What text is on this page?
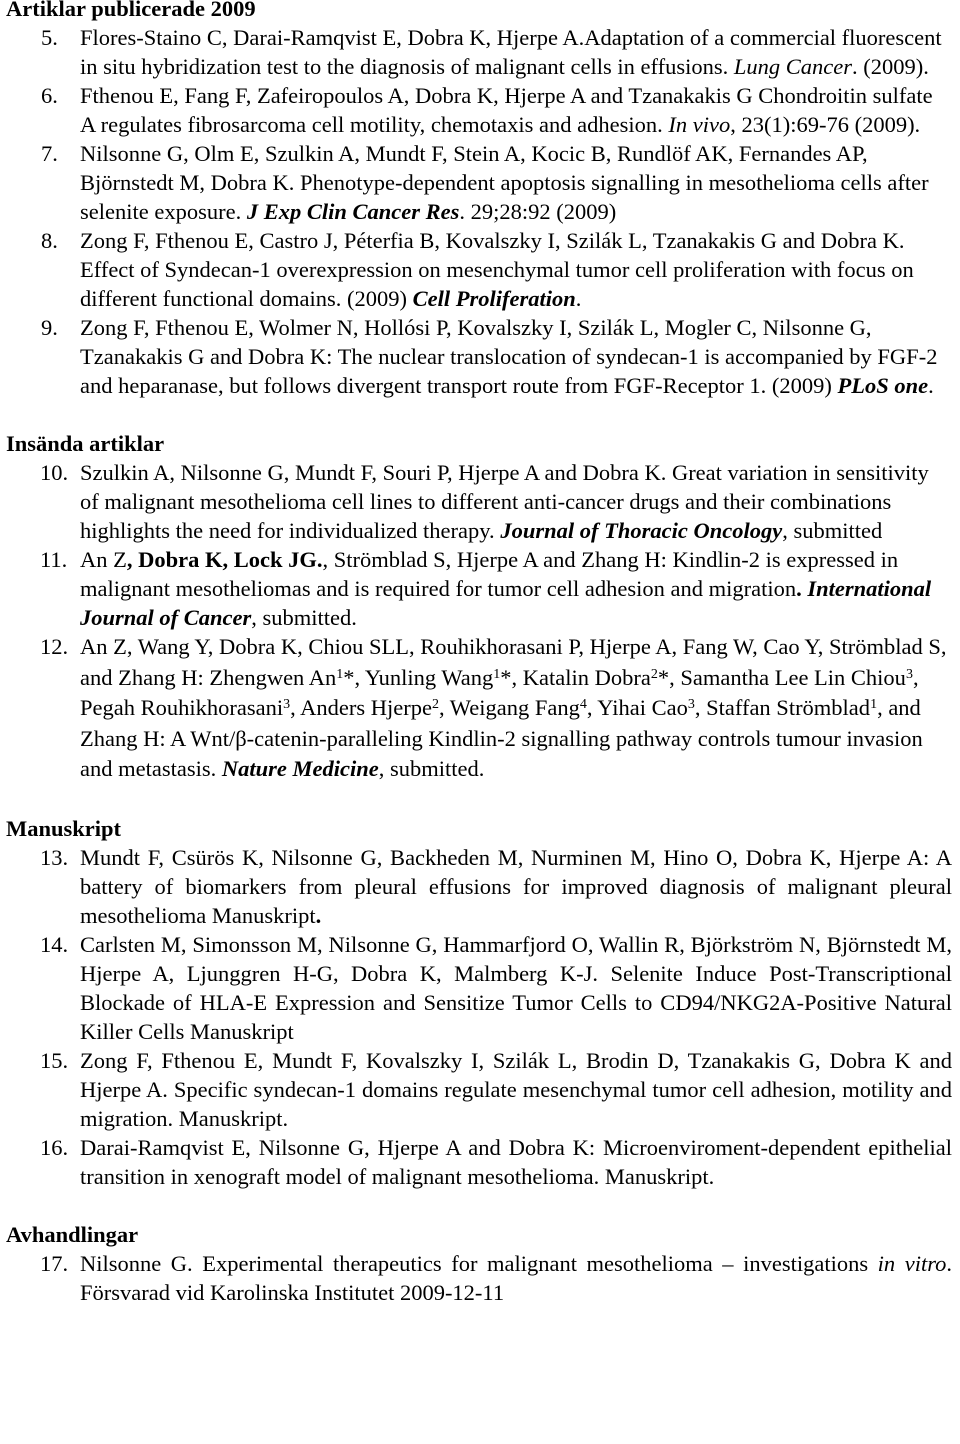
Artiklar publicerade 2009

5. Flores-Staino C, Darai-Ramqvist E, Dobra K, Hjerpe A.Adaptation of a commercial fluorescent in situ hybridization test to the diagnosis of malignant cells in effusions. Lung Cancer. (2009).

6. Fthenou E, Fang F, Zafeiropoulos A, Dobra K, Hjerpe A and Tzanakakis G Chondroitin sulfate A regulates fibrosarcoma cell motility, chemotaxis and adhesion. In vivo, 23(1):69-76 (2009).

7. Nilsonne G, Olm E, Szulkin A, Mundt F, Stein A, Kocic B, Rundlöf AK, Fernandes AP, Björnstedt M, Dobra K. Phenotype-dependent apoptosis signalling in mesothelioma cells after selenite exposure. J Exp Clin Cancer Res. 29;28:92 (2009)

8. Zong F, Fthenou E, Castro J, Péterfia B, Kovalszky I, Szilák L, Tzanakakis G and Dobra K. Effect of Syndecan-1 overexpression on mesenchymal tumor cell proliferation with focus on different functional domains. (2009) Cell Proliferation.

9. Zong F, Fthenou E, Wolmer N, Hollósi P, Kovalszky I, Szilák L, Mogler C, Nilsonne G, Tzanakakis G and Dobra K: The nuclear translocation of syndecan-1 is accompanied by FGF-2 and heparanase, but follows divergent transport route from FGF-Receptor 1. (2009) PLoS one.

Insända artiklar

10. Szulkin A, Nilsonne G, Mundt F, Souri P, Hjerpe A and Dobra K. Great variation in sensitivity of malignant mesothelioma cell lines to different anti-cancer drugs and their combinations highlights the need for individualized therapy. Journal of Thoracic Oncology, submitted

11. An Z, Dobra K, Lock JG., Strömblad S, Hjerpe A and Zhang H: Kindlin-2 is expressed in malignant mesotheliomas and is required for tumor cell adhesion and migration. International Journal of Cancer, submitted.

12. An Z, Wang Y, Dobra K, Chiou SLL, Rouhikhorasani P, Hjerpe A, Fang W, Cao Y, Strömblad S, and Zhang H: Zhengwen An$^1$*, Yunling Wang$^1$*, Katalin Dobra$^2$*, Samantha Lee Lin Chiou$^3$, Pegah Rouhikhorasani$^3$, Anders Hjerpe$^2$, Weigang Fang$^4$, Yihai Cao$^3$, Staffan Strömblad$^1$, and Zhang H: A Wnt/β-catenin-paralleling Kindlin-2 signalling pathway controls tumour invasion and metastasis. Nature Medicine, submitted.

Manuskript

13. Mundt F, Csürös K, Nilsonne G, Backheden M, Nurminen M, Hino O, Dobra K, Hjerpe A: A battery of biomarkers from pleural effusions for improved diagnosis of malignant pleural mesothelioma Manuskript.

14. Carlsten M, Simonsson M, Nilsonne G, Hammarfjord O, Wallin R, Björkström N, Björnstedt M, Hjerpe A, Ljunggren H-G, Dobra K, Malmberg K-J. Selenite Induce Post-Transcriptional Blockade of HLA-E Expression and Sensitize Tumor Cells to CD94/NKG2A-Positive Natural Killer Cells Manuskript

15. Zong F, Fthenou E, Mundt F, Kovalszky I, Szilák L, Brodin D, Tzanakakis G, Dobra K and Hjerpe A. Specific syndecan-1 domains regulate mesenchymal tumor cell adhesion, motility and migration. Manuskript.

16. Darai-Ramqvist E, Nilsonne G, Hjerpe A and Dobra K: Microenviroment-dependent epithelial transition in xenograft model of malignant mesothelioma. Manuskript.

Avhandlingar

17. Nilsonne G. Experimental therapeutics for malignant mesothelioma – investigations in vitro. Försvarad vid Karolinska Institutet 2009-12-11
